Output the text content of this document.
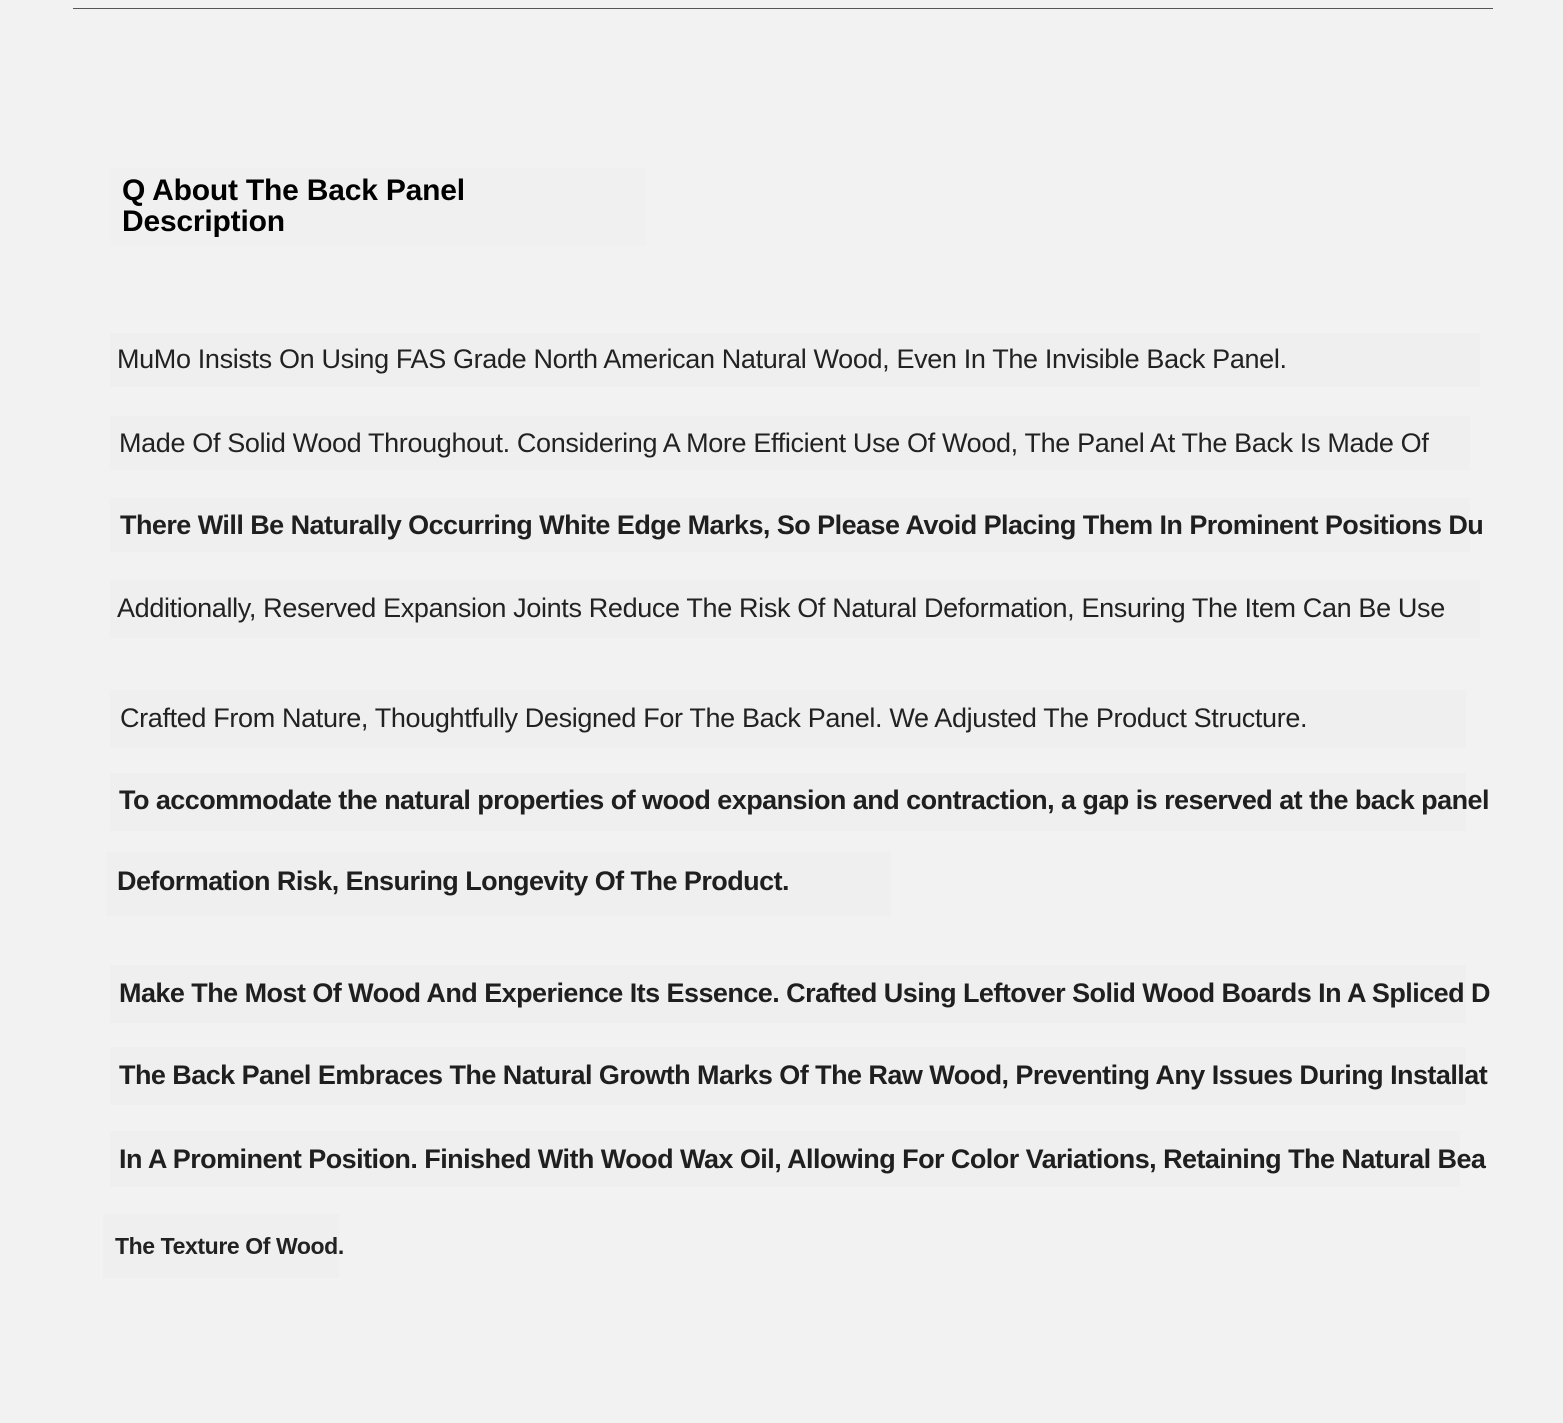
Q About The Back Panel Description

MuMo Insists On Using FAS Grade North American Natural Wood, Even In The Invisible Back Panel.

Made Of Solid Wood Throughout. Considering A More Efficient Use Of Wood, The Panel At The Back Is Made Of

There Will Be Naturally Occurring White Edge Marks, So Please Avoid Placing Them In Prominent Positions Du

Additionally, Reserved Expansion Joints Reduce The Risk Of Natural Deformation, Ensuring The Item Can Be Use

Crafted From Nature, Thoughtfully Designed For The Back Panel. We Adjusted The Product Structure.

To accommodate the natural properties of wood expansion and contraction, a gap is reserved at the back panel

Deformation Risk, Ensuring Longevity Of The Product.

Make The Most Of Wood And Experience Its Essence. Crafted Using Leftover Solid Wood Boards In A Spliced D

The Back Panel Embraces The Natural Growth Marks Of The Raw Wood, Preventing Any Issues During Installat

In A Prominent Position. Finished With Wood Wax Oil, Allowing For Color Variations, Retaining The Natural Bea

The Texture Of Wood.
